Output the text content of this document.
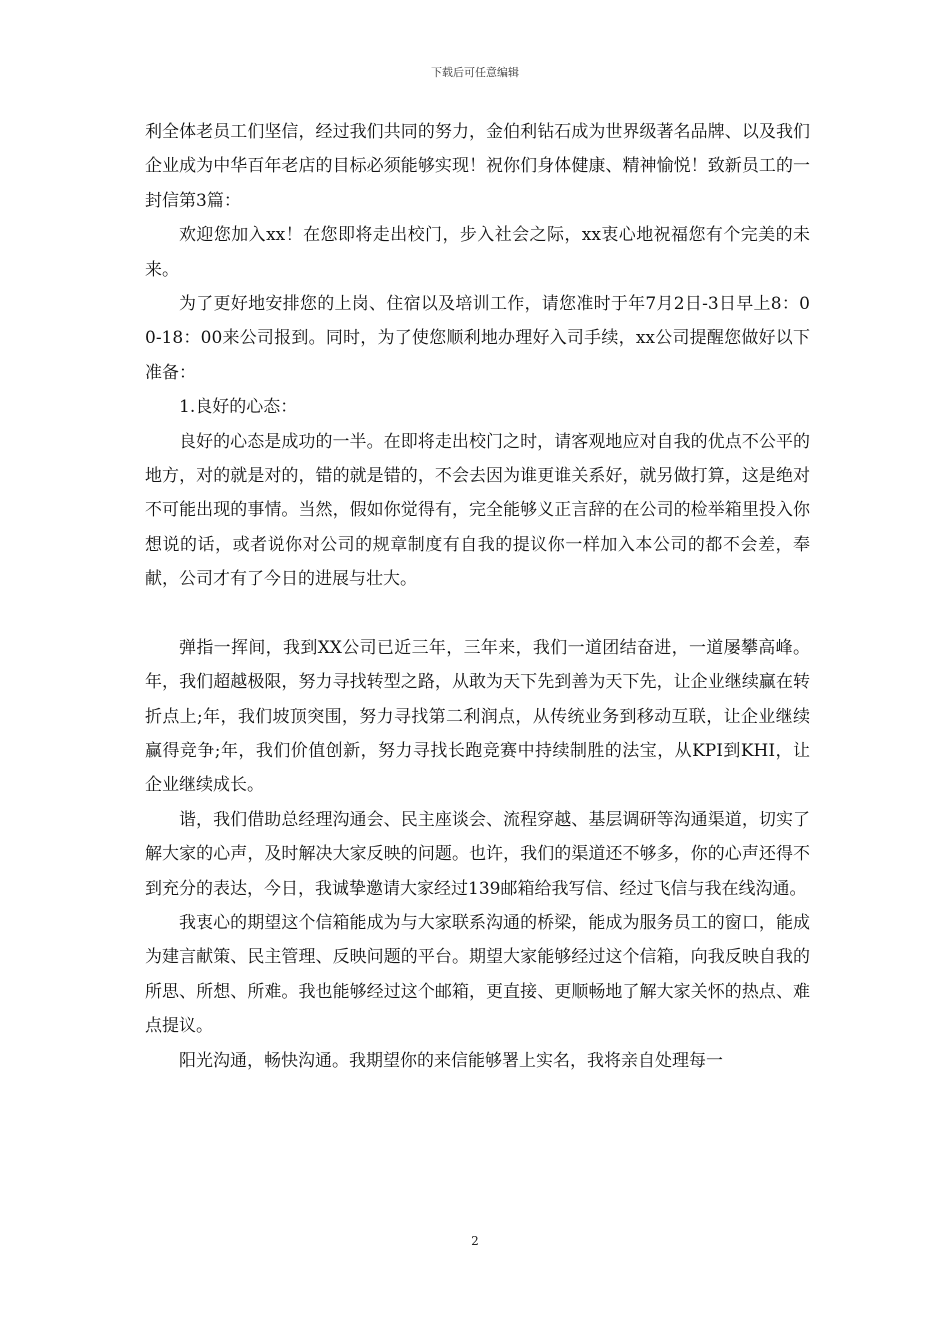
下载后可任意编辑

利全体老员工们坚信，经过我们共同的努力，金伯利钻石成为世界级著名品牌、以及我们企业成为中华百年老店的目标必须能够实现！祝你们身体健康、精神愉悦！致新员工的一封信第3篇：

欢迎您加入xx！在您即将走出校门，步入社会之际，xx衷心地祝福您有个完美的未来。

为了更好地安排您的上岗、住宿以及培训工作，请您准时于年7月2日-3日早上8：00-18：00来公司报到。同时，为了使您顺利地办理好入司手续，xx公司提醒您做好以下准备：

1.良好的心态：

良好的心态是成功的一半。在即将走出校门之时，请客观地应对自我的优点不公平的地方，对的就是对的，错的就是错的，不会去因为谁更谁关系好，就另做打算，这是绝对不可能出现的事情。当然，假如你觉得有，完全能够义正言辞的在公司的检举箱里投入你想说的话，或者说你对公司的规章制度有自我的提议你一样加入本公司的都不会差，奉献，公司才有了今日的进展与壮大。

弹指一挥间，我到XX公司已近三年，三年来，我们一道团结奋进，一道屡攀高峰。年，我们超越极限，努力寻找转型之路，从敢为天下先到善为天下先，让企业继续赢在转折点上;年，我们坡顶突围，努力寻找第二利润点，从传统业务到移动互联，让企业继续赢得竞争;年，我们价值创新，努力寻找长跑竞赛中持续制胜的法宝，从KPI到KHI，让企业继续成长。

谐，我们借助总经理沟通会、民主座谈会、流程穿越、基层调研等沟通渠道，切实了解大家的心声，及时解决大家反映的问题。也许，我们的渠道还不够多，你的心声还得不到充分的表达，今日，我诚挚邀请大家经过139邮箱给我写信、经过飞信与我在线沟通。

我衷心的期望这个信箱能成为与大家联系沟通的桥梁，能成为服务员工的窗口，能成为建言献策、民主管理、反映问题的平台。期望大家能够经过这个信箱，向我反映自我的所思、所想、所难。我也能够经过这个邮箱，更直接、更顺畅地了解大家关怀的热点、难点提议。

阳光沟通，畅快沟通。我期望你的来信能够署上实名，我将亲自处理每一

2
